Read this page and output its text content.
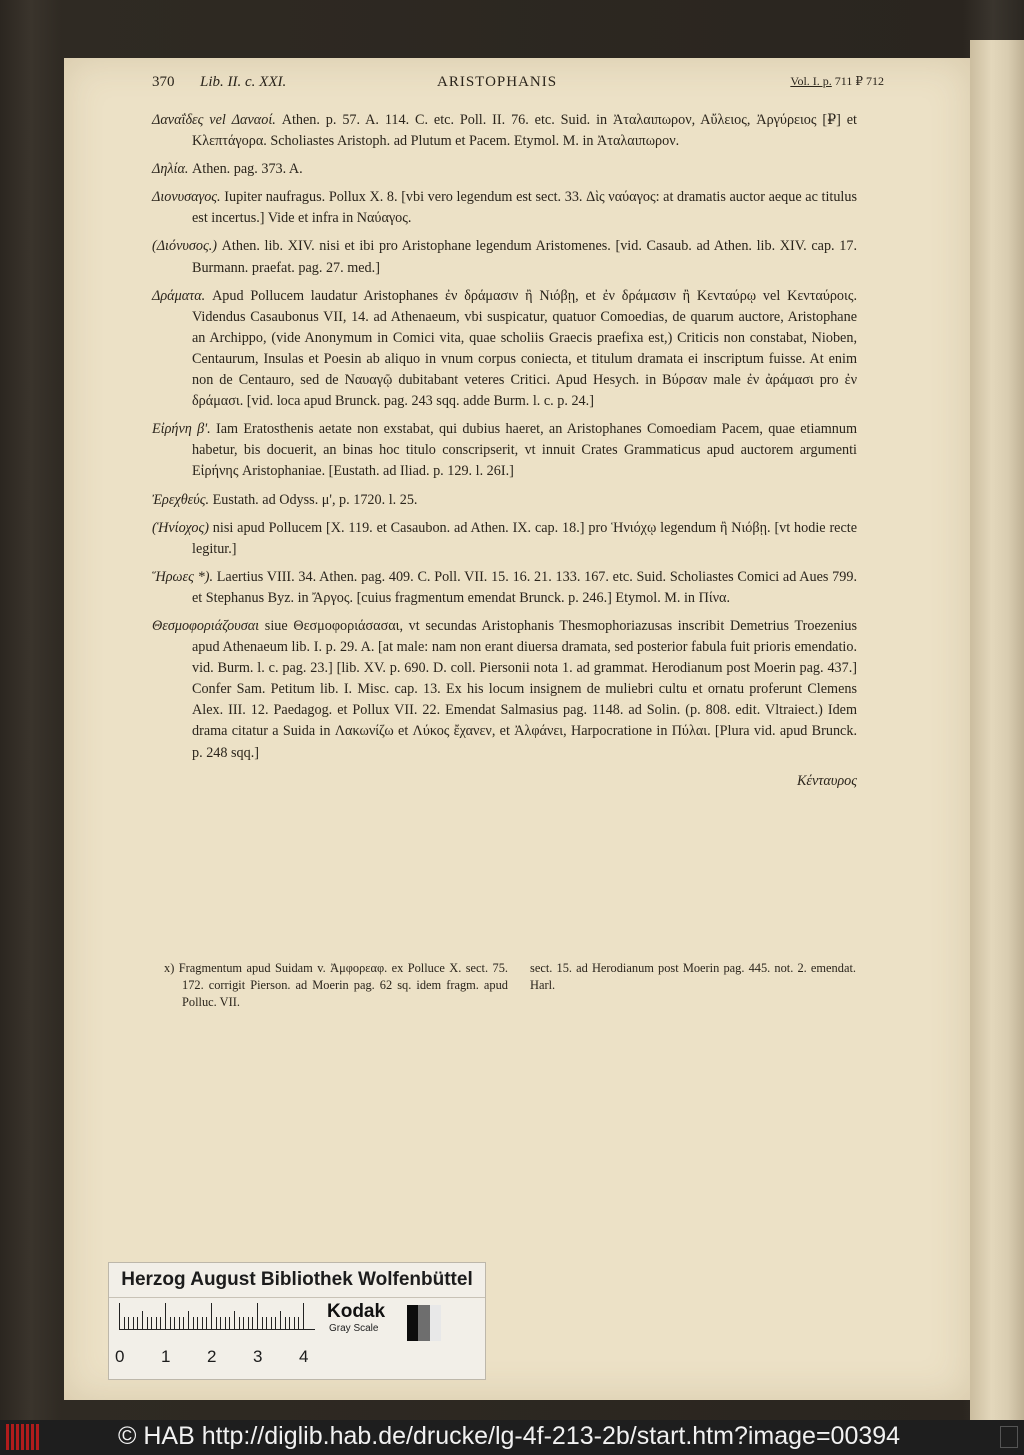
370 Lib. II. c. XXI.	ARISTOPHANIS	Vol. I. p. 711 ₽ 712

Δαναΐδες vel Δαναοί. Athen. p. 57. A. 114. C. etc. Poll. II. 76. etc. Suid. in Ἀταλαιπωρον, Αὔλειος, Ἀργύρειος [₽] et Κλεπτάγορα. Scholiastes Aristoph. ad Plutum et Pacem. Etymol. M. in Ἀταλαιπωρον.

Δηλία. Athen. pag. 373. A.

Διονυσαγος. Iupiter naufragus. Pollux X. 8. [vbi vero legendum est sect. 33. Δὶς ναύαγος: at dramatis auctor aeque ac titulus est incertus.] Vide et infra in Ναύαγος.

(Διόνυσος.) Athen. lib. XIV. nisi et ibi pro Aristophane legendum Aristomenes. [vid. Casaub. ad Athen. lib. XIV. cap. 17. Burmann. praefat. pag. 27. med.]

Δράματα. Apud Pollucem laudatur Aristophanes ἐν δράμασιν ἢ Νιόβῃ, et ἐν δράμασιν ἢ Κενταύρῳ vel Κενταύροις. Videndus Casaubonus VII, 14. ad Athenaeum, vbi suspicatur, quatuor Comoedias, de quarum auctore, Aristophane an Archippo, (vide Anonymum in Comici vita, quae scholiis Graecis praefixa est,) Criticis non constabat, Nioben, Centaurum, Insulas et Poesin ab aliquo in vnum corpus coniecta, et titulum dramata ei inscriptum fuisse. At enim non de Centauro, sed de Ναυαγῷ dubitabant veteres Critici. Apud Hesych. in Βύρσαν male ἐν ἀράμασι pro ἐν δράμασι. [vid. loca apud Brunck. pag. 243 sqq. adde Burm. l. c. p. 24.]

Εἰρήνη β'. Iam Eratosthenis aetate non exstabat, qui dubius haeret, an Aristophanes Comoediam Pacem, quae etiamnum habetur, bis docuerit, an binas hoc titulo conscripserit, vt innuit Crates Grammaticus apud auctorem argumenti Εἰρήνης Aristophaniae. [Eustath. ad Iliad. p. 129. l. 26I.]

Ἐρεχθεύς. Eustath. ad Odyss. μ', p. 1720. l. 25.

(Ἡνίοχος) nisi apud Pollucem [X. 119. et Casaubon. ad Athen. IX. cap. 18.] pro Ἡνιόχῳ legendum ἢ Νιόβῃ. [vt hodie recte legitur.]

Ἥρωες *). Laertius VIII. 34. Athen. pag. 409. C. Poll. VII. 15. 16. 21. 133. 167. etc. Suid. Scholiastes Comici ad Aues 799. et Stephanus Byz. in Ἄργος. [cuius fragmentum emendat Brunck. p. 246.] Etymol. M. in Πίνα.

Θεσμοφοριάζουσαι siue Θεσμοφοριάσασαι, vt secundas Aristophanis Thesmophoriazusas inscribit Demetrius Troezenius apud Athenaeum lib. I. p. 29. A. [at male: nam non erant diuersa dramata, sed posterior fabula fuit prioris emendatio. vid. Burm. l. c. pag. 23.] [lib. XV. p. 690. D. coll. Piersonii nota 1. ad grammat. Herodianum post Moerin pag. 437.] Confer Sam. Petitum lib. I. Misc. cap. 13. Ex his locum insignem de muliebri cultu et ornatu proferunt Clemens Alex. III. 12. Paedagog. et Pollux VII. 22. Emendat Salmasius pag. 1148. ad Solin. (p. 808. edit. Vltraiect.) Idem drama citatur a Suida in Λακωνίζω et Λύκος ἔχανεν, et Ἀλφάνει, Harpocratione in Πύλαι. [Plura vid. apud Brunck. p. 248 sqq.]

Κένταυρος
x) Fragmentum apud Suidam v. Ἀμφορεαφ. ex Polluce X. sect. 75. 172. corrigit Pierson. ad Moerin pag. 62 sq. idem fragm. apud Polluc. VII.
sect. 15. ad Herodianum post Moerin pag. 445. not. 2. emendat. Harl.
Herzog August Bibliothek Wolfenbüttel
0 1 2 3 4
Kodak
Gray Scale
© HAB http://diglib.hab.de/drucke/lg-4f-213-2b/start.htm?image=00394
